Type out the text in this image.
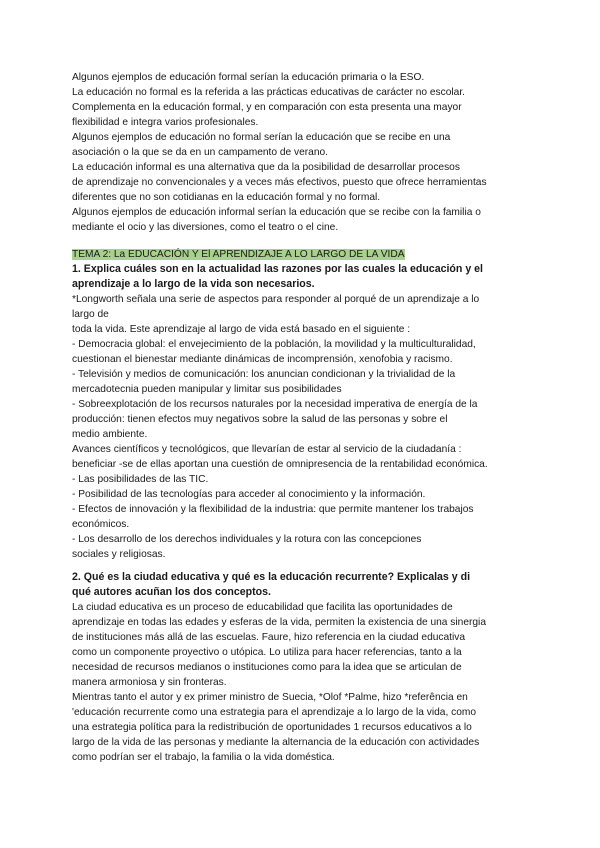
Algunos ejemplos de educación formal serían la educación primaria o la ESO.
La educación no formal es la referida a las prácticas educativas de carácter no escolar.
Complementa en la educación formal, y en comparación con esta presenta una mayor
flexibilidad e integra varios profesionales.
Algunos ejemplos de educación no formal serían la educación que se recibe en una
asociación o la que se da en un campamento de verano.
La educación informal es una alternativa que da la posibilidad de desarrollar procesos
de aprendizaje no convencionales y a veces más efectivos, puesto que ofrece herramientas
diferentes que no son cotidianas en la educación formal y no formal.
Algunos ejemplos de educación informal serían la educación que se recibe con la familia o
mediante el ocio y las diversiones, como el teatro o el cine.
TEMA 2: La EDUCACIÓN Y El APRENDIZAJE A LO LARGO DE LA VIDA
1. Explica cuáles son en la actualidad las razones por las cuales la educación y el
aprendizaje a lo largo de la vida son necesarios.
*Longworth señala una serie de aspectos para responder al porqué de un aprendizaje a lo
largo de
toda la vida. Este aprendizaje al largo de vida está basado en el siguiente :
- Democracia global: el envejecimiento de la población, la movilidad y la multiculturalidad,
cuestionan el bienestar mediante dinámicas de incomprensión, xenofobia y racismo.
- Televisión y medios de comunicación: los anuncian condicionan y la trivialidad de la
mercadotecnia pueden manipular y limitar sus posibilidades
- Sobreexplotación de los recursos naturales por la necesidad imperativa de energía de la
producción: tienen efectos muy negativos sobre la salud de las personas y sobre el
medio ambiente.
Avances científicos y tecnológicos, que llevarían de estar al servicio de la ciudadanía :
beneficiar -se de ellas aportan una cuestión de omnipresencia de la rentabilidad económica.
- Las posibilidades de las TIC.
- Posibilidad de las tecnologías para acceder al conocimiento y la información.
- Efectos de innovación y la flexibilidad de la industria: que permite mantener los trabajos
económicos.
- Los desarrollo de los derechos individuales y la rotura con las concepciones
sociales y religiosas.
2. Qué es la ciudad educativa y qué es la educación recurrente? Explicalas y di
qué autores acuñan los dos conceptos.
La ciudad educativa es un proceso de educabilidad que facilita las oportunidades de
aprendizaje en todas las edades y esferas de la vida, permiten la existencia de una sinergia
de instituciones más allá de las escuelas. Faure, hizo referencia en la ciudad educativa
como un componente proyectivo o utópica. Lo utiliza para hacer referencias, tanto a la
necesidad de recursos medianos o instituciones como para la idea que se articulan de
manera armoniosa y sin fronteras.
Mientras tanto el autor y ex primer ministro de Suecia, *Olof *Palme, hizo *referência en
'educación recurrente como una estrategia para el aprendizaje a lo largo de la vida, como
una estrategia política para la redistribución de oportunidades 1 recursos educativos a lo
largo de la vida de las personas y mediante la alternancia de la educación con actividades
como podrían ser el trabajo, la familia o la vida doméstica.
